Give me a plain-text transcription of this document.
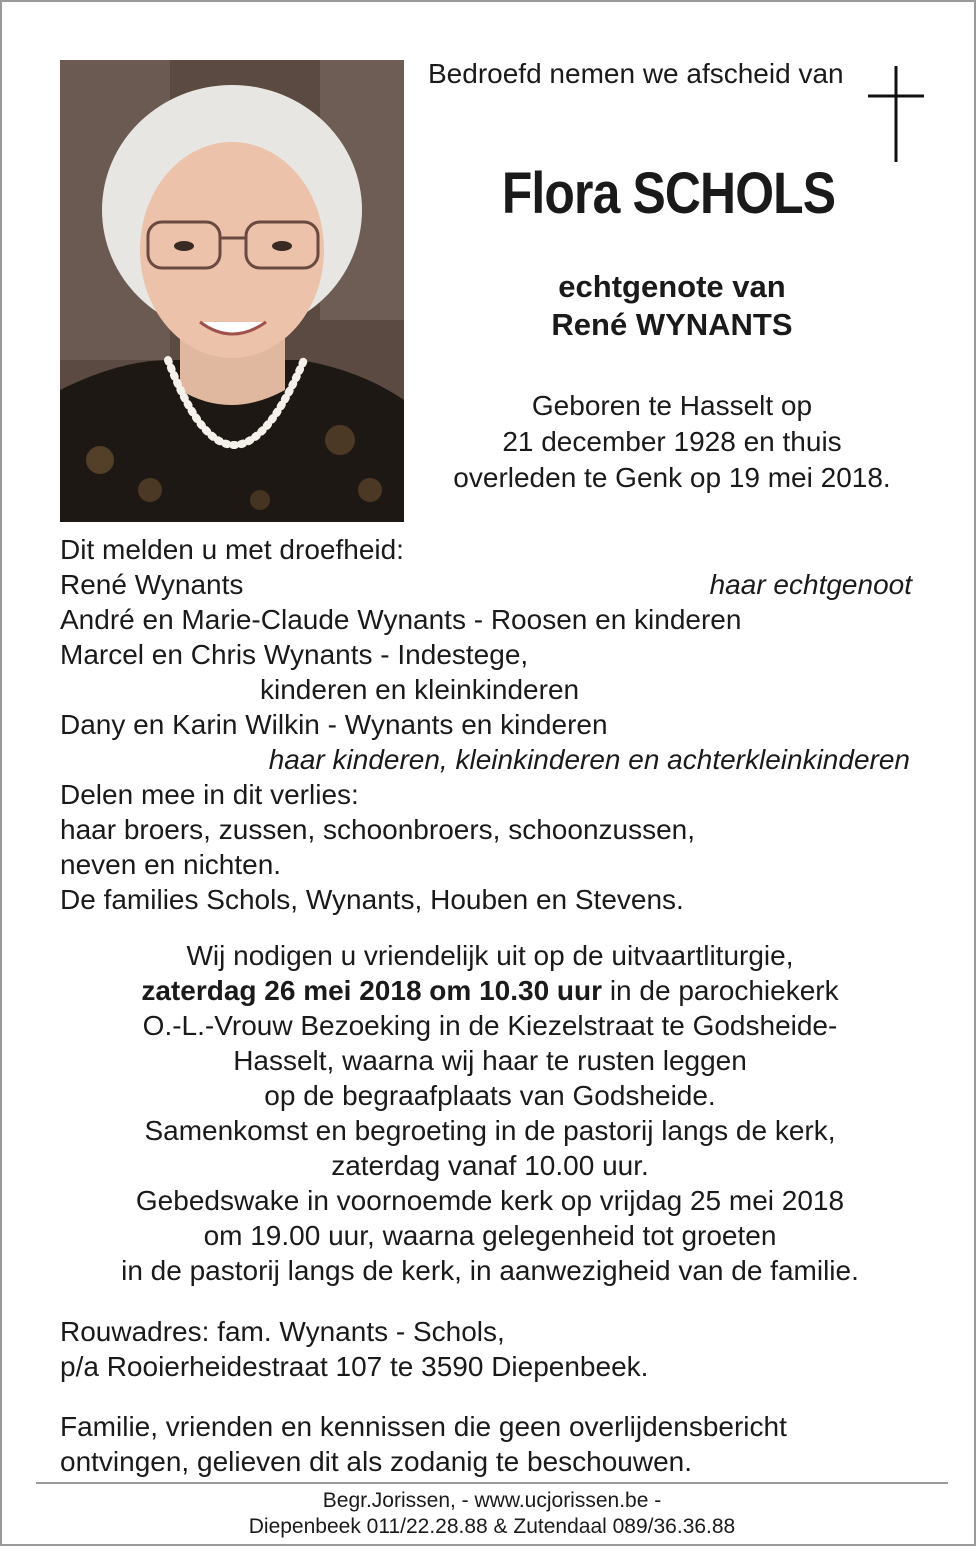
Bedroefd nemen we afscheid van
Flora SCHOLS
echtgenote van
René WYNANTS
Geboren te Hasselt op
21 december 1928 en thuis
overleden te Genk op 19 mei 2018.
Dit melden u met droefheid:
René Wynants	haar echtgenoot
André en Marie-Claude Wynants - Roosen en kinderen
Marcel en Chris Wynants - Indestege,
kinderen en kleinkinderen
Dany en Karin Wilkin - Wynants en kinderen
haar kinderen, kleinkinderen en achterkleinkinderen
Delen mee in dit verlies:
haar broers, zussen, schoonbroers, schoonzussen,
neven en nichten.
De families Schols, Wynants, Houben en Stevens.
Wij nodigen u vriendelijk uit op de uitvaartliturgie,
zaterdag 26 mei 2018 om 10.30 uur in de parochiekerk
O.-L.-Vrouw Bezoeking in de Kiezelstraat te Godsheide-
Hasselt, waarna wij haar te rusten leggen
op de begraafplaats van Godsheide.
Samenkomst en begroeting in de pastorij langs de kerk,
zaterdag vanaf 10.00 uur.
Gebedswake in voornoemde kerk op vrijdag 25 mei 2018
om 19.00 uur, waarna gelegenheid tot groeten
in de pastorij langs de kerk, in aanwezigheid van de familie.
Rouwadres: fam. Wynants - Schols,
p/a Rooierheidestraat 107 te 3590 Diepenbeek.
Familie, vrienden en kennissen die geen overlijdensbericht
ontvingen, gelieven dit als zodanig te beschouwen.
Begr.Jorissen, - www.ucjorissen.be -
Diepenbeek 011/22.28.88 & Zutendaal 089/36.36.88
